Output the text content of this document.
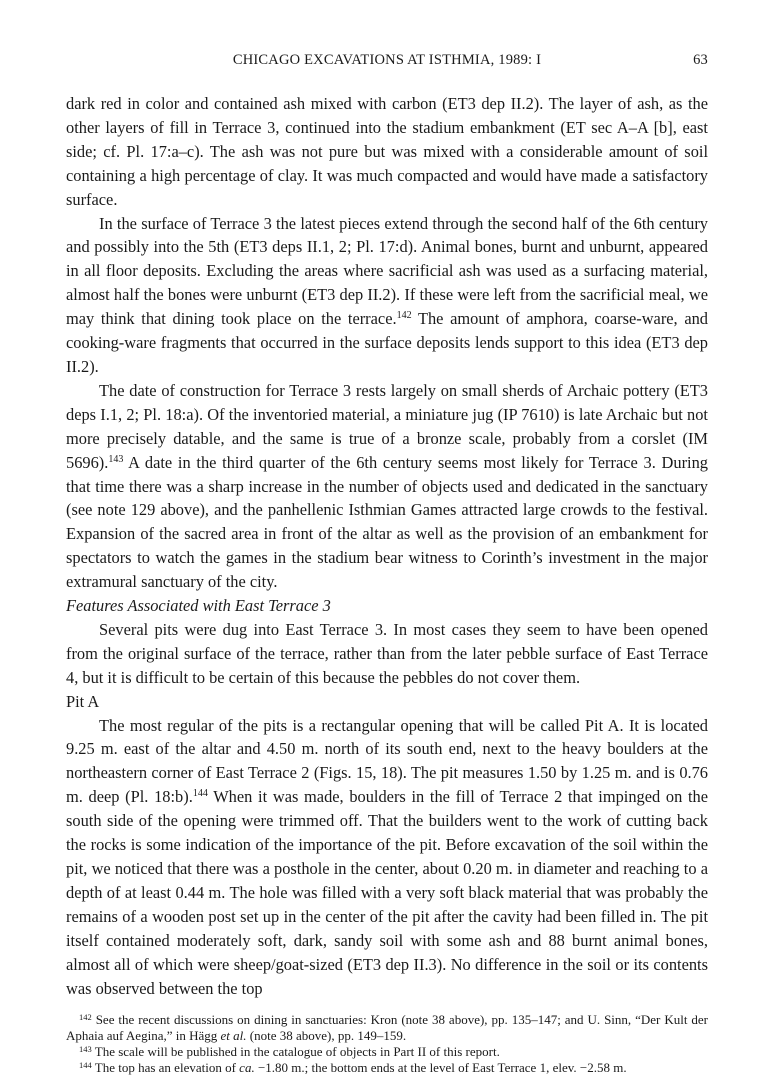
CHICAGO EXCAVATIONS AT ISTHMIA, 1989: I	63

dark red in color and contained ash mixed with carbon (ET3 dep II.2). The layer of ash, as the other layers of fill in Terrace 3, continued into the stadium embankment (ET sec A–A [b], east side; cf. Pl. 17:a–c). The ash was not pure but was mixed with a considerable amount of soil containing a high percentage of clay. It was much compacted and would have made a satisfactory surface.

In the surface of Terrace 3 the latest pieces extend through the second half of the 6th century and possibly into the 5th (ET3 deps II.1, 2; Pl. 17:d). Animal bones, burnt and unburnt, appeared in all floor deposits. Excluding the areas where sacrificial ash was used as a surfacing material, almost half the bones were unburnt (ET3 dep II.2). If these were left from the sacrificial meal, we may think that dining took place on the terrace.$^{142}$ The amount of amphora, coarse-ware, and cooking-ware fragments that occurred in the surface deposits lends support to this idea (ET3 dep II.2).

The date of construction for Terrace 3 rests largely on small sherds of Archaic pottery (ET3 deps I.1, 2; Pl. 18:a). Of the inventoried material, a miniature jug (IP 7610) is late Archaic but not more precisely datable, and the same is true of a bronze scale, probably from a corslet (IM 5696).$^{143}$ A date in the third quarter of the 6th century seems most likely for Terrace 3. During that time there was a sharp increase in the number of objects used and dedicated in the sanctuary (see note 129 above), and the panhellenic Isthmian Games attracted large crowds to the festival. Expansion of the sacred area in front of the altar as well as the provision of an embankment for spectators to watch the games in the stadium bear witness to Corinth’s investment in the major extramural sanctuary of the city.

Features Associated with East Terrace 3

Several pits were dug into East Terrace 3. In most cases they seem to have been opened from the original surface of the terrace, rather than from the later pebble surface of East Terrace 4, but it is difficult to be certain of this because the pebbles do not cover them.

Pit A

The most regular of the pits is a rectangular opening that will be called Pit A. It is located 9.25 m. east of the altar and 4.50 m. north of its south end, next to the heavy boulders at the northeastern corner of East Terrace 2 (Figs. 15, 18). The pit measures 1.50 by 1.25 m. and is 0.76 m. deep (Pl. 18:b).$^{144}$ When it was made, boulders in the fill of Terrace 2 that impinged on the south side of the opening were trimmed off. That the builders went to the work of cutting back the rocks is some indication of the importance of the pit. Before excavation of the soil within the pit, we noticed that there was a posthole in the center, about 0.20 m. in diameter and reaching to a depth of at least 0.44 m. The hole was filled with a very soft black material that was probably the remains of a wooden post set up in the center of the pit after the cavity had been filled in. The pit itself contained moderately soft, dark, sandy soil with some ash and 88 burnt animal bones, almost all of which were sheep/goat-sized (ET3 dep II.3). No difference in the soil or its contents was observed between the top

$^{142}$ See the recent discussions on dining in sanctuaries: Kron (note 38 above), pp. 135–147; and U. Sinn, “Der Kult der Aphaia auf Aegina,” in Hägg et al. (note 38 above), pp. 149–159.

$^{143}$ The scale will be published in the catalogue of objects in Part II of this report.

$^{144}$ The top has an elevation of ca. −1.80 m.; the bottom ends at the level of East Terrace 1, elev. −2.58 m.
